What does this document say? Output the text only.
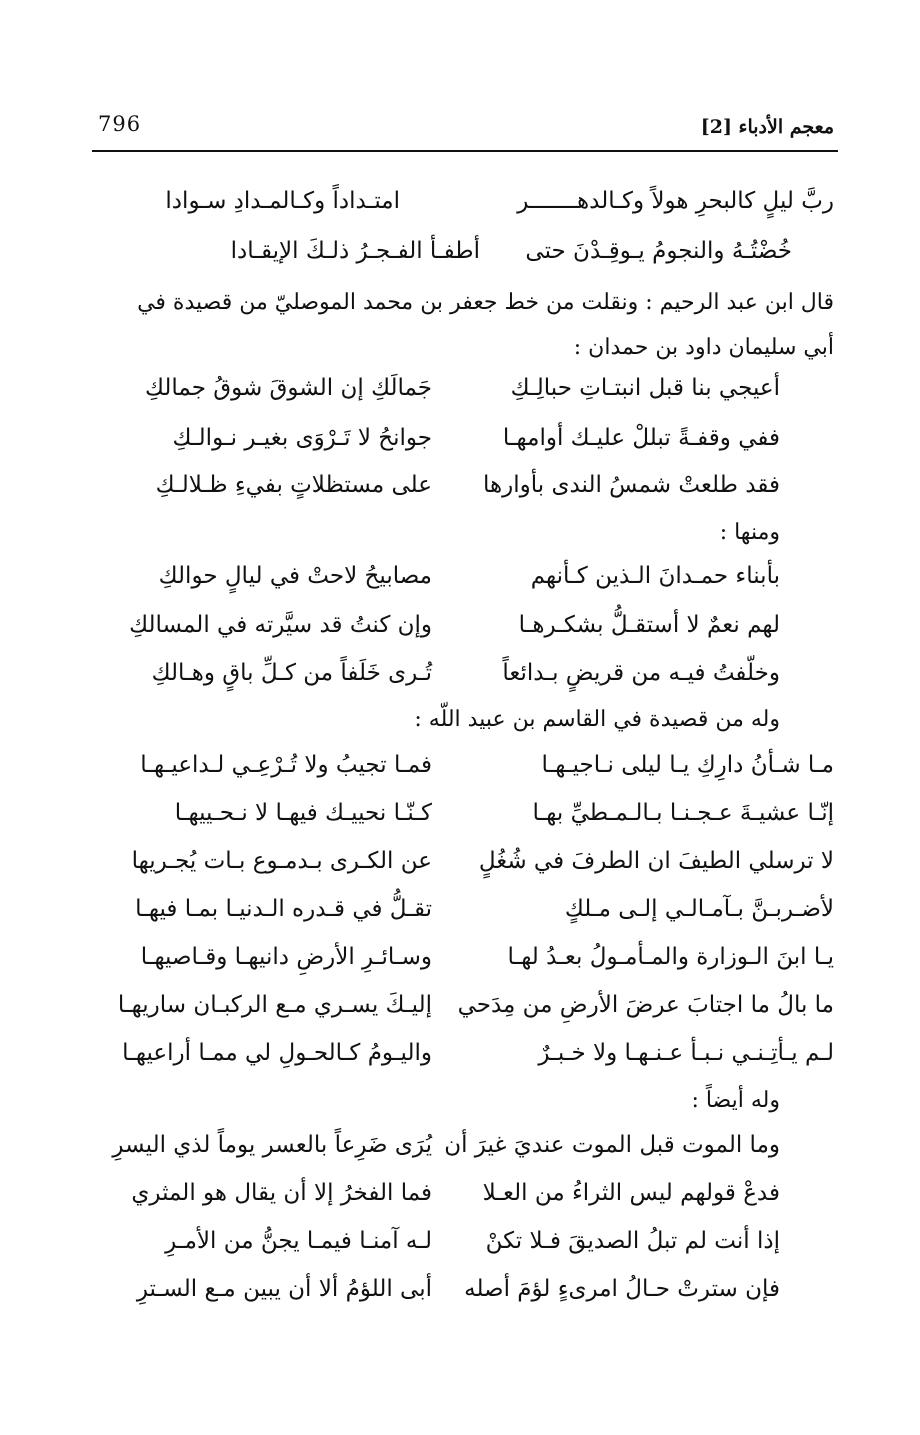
796	معجم الأدباء [2]
ربَّ ليلٍ كالبحرِ هولاً وكـالدهـــــــر
امتـداداً وكـالمـدادِ سـوادا
خُضْتُـهُ والنجومُ يـوقِـدْنَ حتى
أطفـأ الفـجـرُ ذلـكَ الإيقـادا
قال ابن عبد الرحيم : ونقلت من خط جعفر بن محمد الموصليّ من قصيدة في
أبي سليمان داود بن حمدان :
أعيجي بنا قبل انبتـاتِ حبالِـكِ
جَمالَكِ إن الشوقَ شوقُ جمالكِ
ففي وقفـةً تبللْ عليـك أوامهـا
جوانحُ لا تَـرْوَى بغيـر نـوالـكِ
فقد طلعتْ شمسُ الندى بأوارها
على مستظلاتٍ بفيءِ ظـلالـكِ
ومنها :
بأبناء حمـدانَ الـذين كـأنهم
مصابيحُ لاحتْ في ليالٍ حوالكِ
لهم نعمٌ لا أستقـلُّ بشكـرهـا
وإن كنتُ قد سيَّرته في المسالكِ
وخلّفتُ فيـه من قريضٍ بـدائعاً
تُـرى خَلَفاً من كـلِّ باقٍ وهـالكِ
وله من قصيدة في القاسم بن عبيد اللّه :
مـا شـأنُ دارِكِ يـا ليلى نـاجيـهـا
فمـا تجيبُ ولا تُـرْعِـي لـداعيـهـا
إنّـا عشيـةَ عـجـنـا بـالـمـطيِّ بهـا
كـنّـا نحييـك فيهـا لا نـحـييهـا
لا ترسلي الطيفَ ان الطرفَ في شُغُلٍ
عن الكـرى بـدمـوع بـات يُجـريها
لأضـربـنَّ بـآمـالـي إلـى مـلكٍ
تقـلُّ في قـدره الـدنيـا بمـا فيهـا
يـا ابنَ الـوزارة والمـأمـولُ بعـدُ لهـا
وسـائـرِ الأرضِ دانيهـا وقـاصيهـا
ما بالُ ما اجتابَ عرضَ الأرضِ من مِدَحي
إليـكَ يسـري مـع الركبـان ساريهـا
لـم يـأتِـنـي نـبـأ عـنـهـا ولا خـبـرٌ
واليـومُ كـالحـولِ لي ممـا أراعيهـا
وله أيضاً :
وما الموت قبل الموت عنديَ غيرَ أن
يُرَى ضَرِعاً بالعسر يوماً لذي اليسرِ
فدعْ قولهم ليس الثراءُ من العـلا
فما الفخرُ إلا أن يقال هو المثري
إذا أنت لم تبلُ الصديقَ فـلا تكنْ
لـه آمنـا فيمـا يجنُّ من الأمـرِ
فإن سترتْ حـالُ امرىءٍ لؤمَ أصله
أبى اللؤمُ ألا أن يبين مـع السـترِ
